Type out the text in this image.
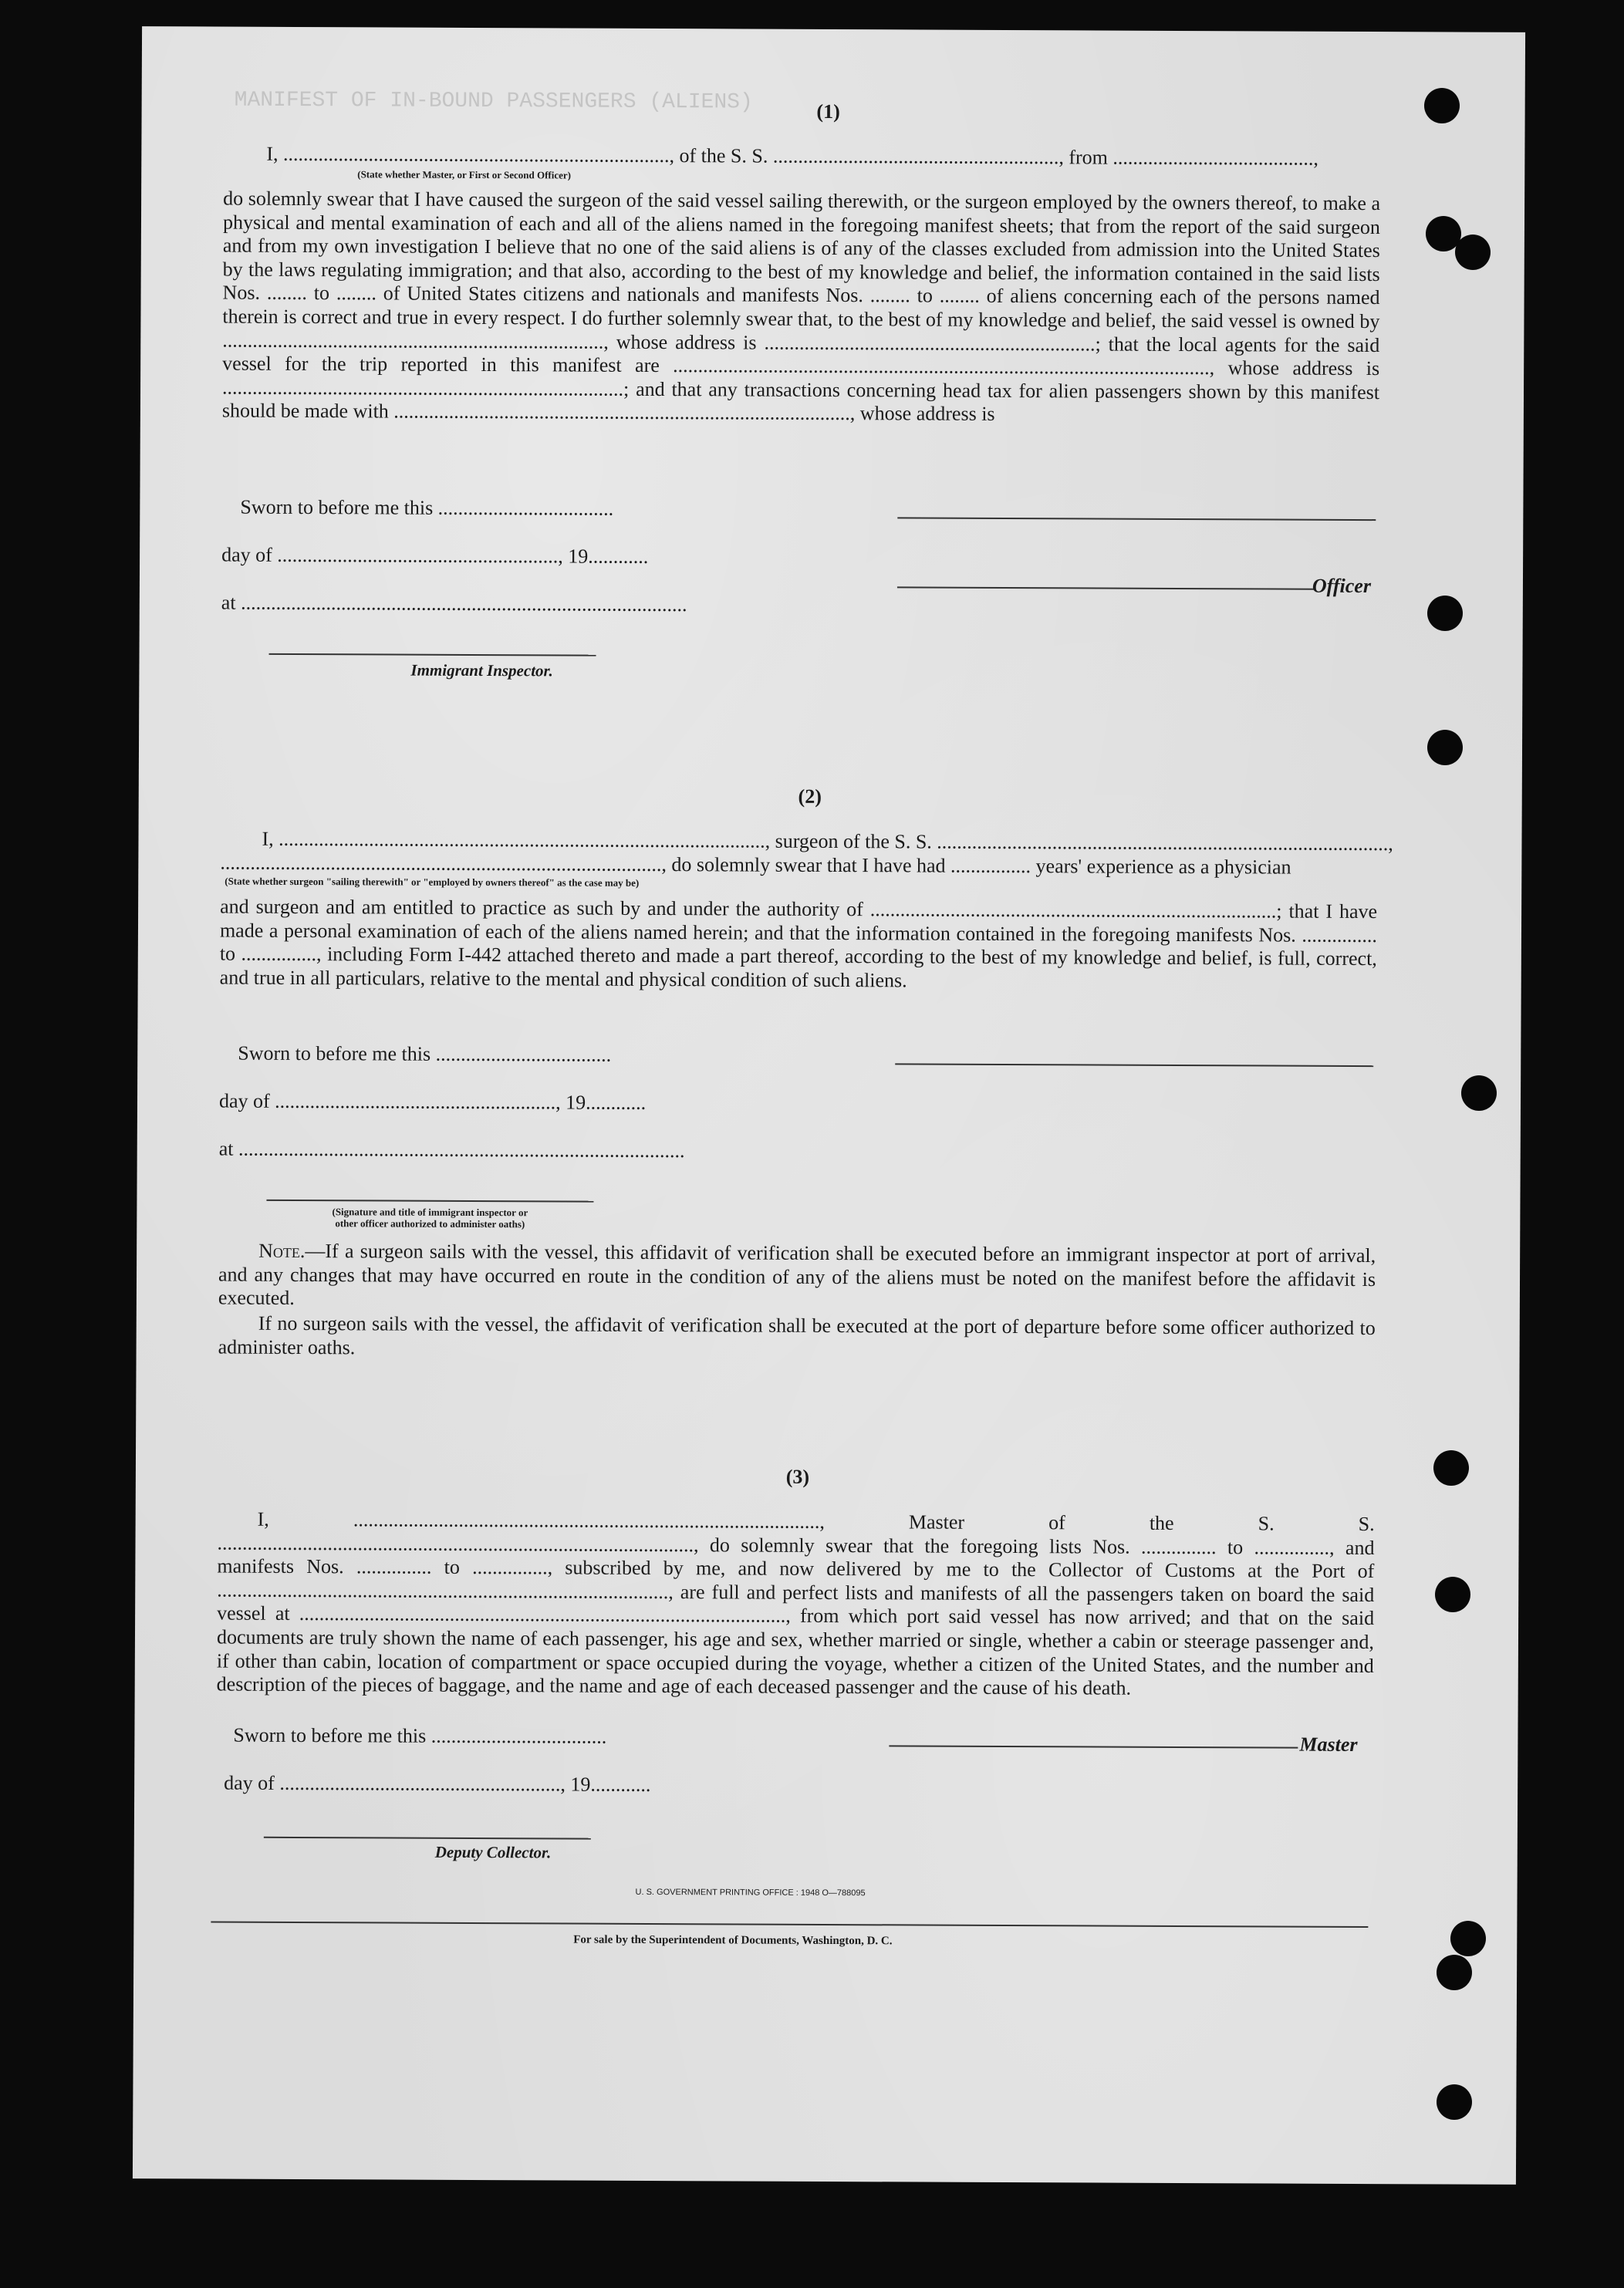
MANIFEST OF IN-BOUND PASSENGERS (ALIENS)	(1)
I, ............................................................................., of the S. S. ........................................................., from ........................................,
(State whether Master, or First or Second Officer)
do solemnly swear that I have caused the surgeon of the said vessel sailing therewith, or the surgeon employed by the owners thereof, to make a physical and mental examination of each and all of the aliens named in the foregoing manifest sheets; that from the report of the said surgeon and from my own investigation I believe that no one of the said aliens is of any of the classes excluded from admission into the United States by the laws regulating immigration; and that also, according to the best of my knowledge and belief, the information contained in the said lists Nos. ........ to ........ of United States citizens and nationals and manifests Nos. ........ to ........ of aliens concerning each of the persons named therein is correct and true in every respect. I do further solemnly swear that, to the best of my knowledge and belief, the said vessel is owned by ............................................................................, whose address is ..................................................................; that the local agents for the said vessel for the trip reported in this manifest are ..........................................................................................................., whose address is ................................................................................; and that any transactions concerning head tax for alien passengers shown by this manifest should be made with ..........................................................................................., whose address is
Sworn to before me this ...................................
day of ........................................................, 19............
at .........................................................................................
Officer
Immigrant Inspector.
(2)
I, ................................................................................................., surgeon of the S. S. ..........................................................................................,
........................................................................................, do solemnly swear that I have had ................ years' experience as a physician
(State whether surgeon "sailing therewith" or "employed by owners thereof" as the case may be)
and surgeon and am entitled to practice as such by and under the authority of .................................................................................; that I have made a personal examination of each of the aliens named herein; and that the information contained in the foregoing manifests Nos. ............... to ..............., including Form I-442 attached thereto and made a part thereof, according to the best of my knowledge and belief, is full, correct, and true in all particulars, relative to the mental and physical condition of such aliens.
Sworn to before me this ...................................
day of ........................................................, 19............
at .........................................................................................
(Signature and title of immigrant inspector or
other officer authorized to administer oaths)
Note.—If a surgeon sails with the vessel, this affidavit of verification shall be executed before an immigrant inspector at port of arrival, and any changes that may have occurred en route in the condition of any of the aliens must be noted on the manifest before the affidavit is executed.
If no surgeon sails with the vessel, the affidavit of verification shall be executed at the port of departure before some officer authorized to administer oaths.
(3)
I, ............................................................................................., Master of the S. S. ..............................................................................................., do solemnly swear that the foregoing lists Nos. ............... to ..............., and manifests Nos. ............... to ..............., subscribed by me, and now delivered by me to the Collector of Customs at the Port of .........................................................................................., are full and perfect lists and manifests of all the passengers taken on board the said vessel at ................................................................................................., from which port said vessel has now arrived; and that on the said documents are truly shown the name of each passenger, his age and sex, whether married or single, whether a cabin or steerage passenger and, if other than cabin, location of compartment or space occupied during the voyage, whether a citizen of the United States, and the number and description of the pieces of baggage, and the name and age of each deceased passenger and the cause of his death.
Sworn to before me this ...................................	Master
day of ........................................................, 19............
Deputy Collector.
U. S. GOVERNMENT PRINTING OFFICE : 1948 O—788095
For sale by the Superintendent of Documents, Washington, D. C.
